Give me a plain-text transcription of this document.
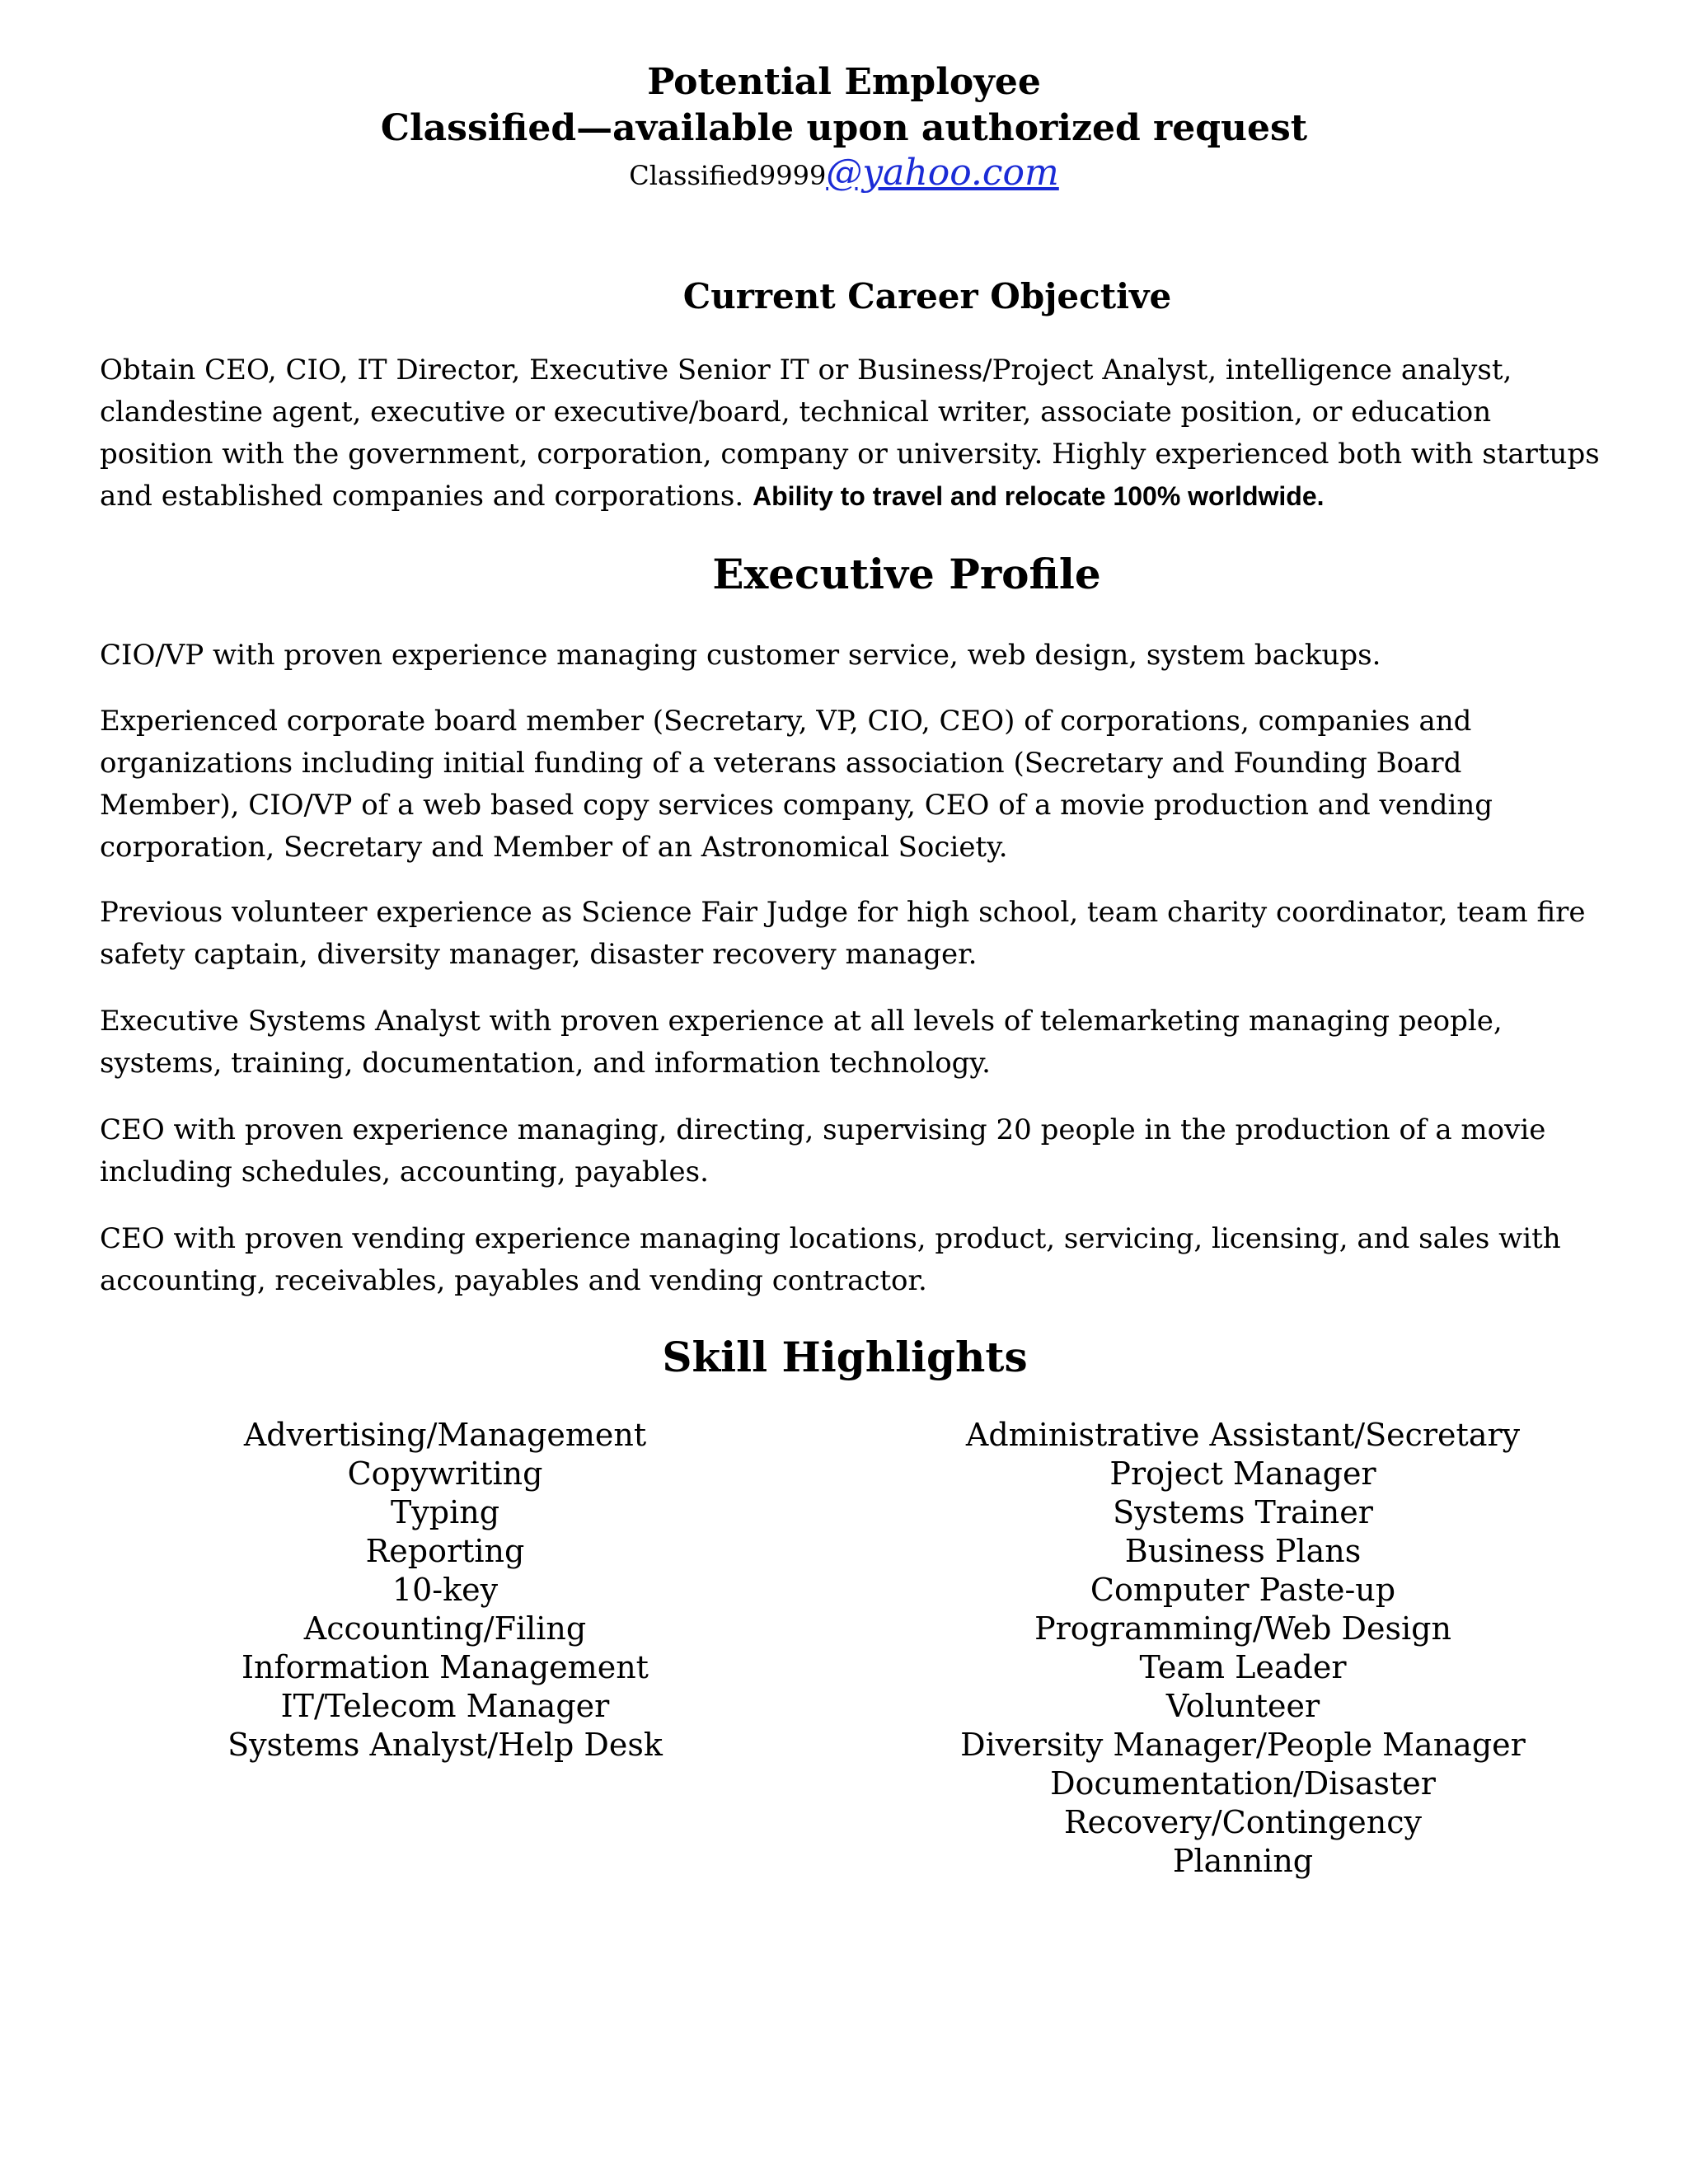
Potential Employee
Classified—available upon authorized request
Classified9999@yahoo.com
Current Career Objective
Obtain CEO, CIO, IT Director, Executive Senior IT or Business/Project Analyst, intelligence analyst, clandestine agent, executive or executive/board, technical writer, associate position, or education position with the government, corporation, company or university. Highly experienced both with startups and established companies and corporations. Ability to travel and relocate 100% worldwide.
Executive Profile
CIO/VP with proven experience managing customer service, web design, system backups.
Experienced corporate board member (Secretary, VP, CIO, CEO) of corporations, companies and organizations including initial funding of a veterans association (Secretary and Founding Board Member), CIO/VP of a web based copy services company, CEO of a movie production and vending corporation, Secretary and Member of an Astronomical Society.
Previous volunteer experience as Science Fair Judge for high school, team charity coordinator, team fire safety captain, diversity manager, disaster recovery manager.
Executive Systems Analyst with proven experience at all levels of telemarketing managing people, systems, training, documentation, and information technology.
CEO with proven experience managing, directing, supervising 20 people in the production of a movie including schedules, accounting, payables.
CEO with proven vending experience managing locations, product, servicing, licensing, and sales with accounting, receivables, payables and vending contractor.
Skill Highlights
Advertising/Management
Copywriting
Typing
Reporting
10-key
Accounting/Filing
Information Management
IT/Telecom Manager
Systems Analyst/Help Desk
Administrative Assistant/Secretary
Project Manager
Systems Trainer
Business Plans
Computer Paste-up
Programming/Web Design
Team Leader
Volunteer
Diversity Manager/People Manager
Documentation/Disaster Recovery/Contingency
Planning
